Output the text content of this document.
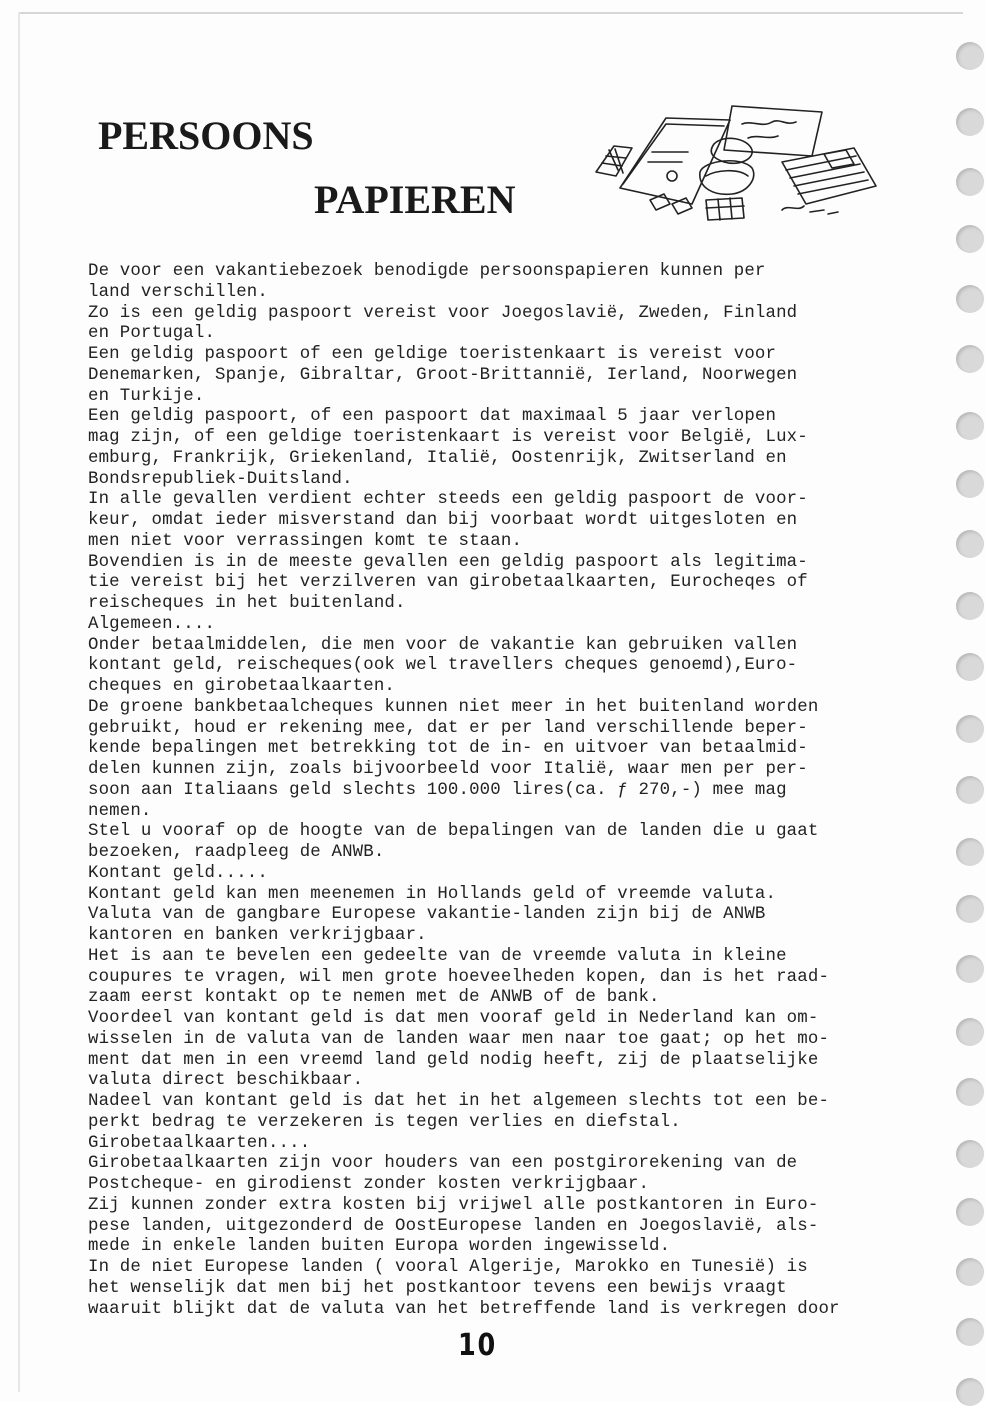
PERSOONS
PAPIEREN
De voor een vakantiebezoek benodigde persoonspapieren kunnen per
land verschillen.
Zo is een geldig paspoort vereist voor Joegoslavië, Zweden, Finland
en Portugal.
Een geldig paspoort of een geldige toeristenkaart is vereist voor
Denemarken, Spanje, Gibraltar, Groot-Brittannië, Ierland, Noorwegen
en Turkije.
Een geldig paspoort, of een paspoort dat maximaal 5 jaar verlopen
mag zijn, of een geldige toeristenkaart is vereist voor België, Lux-
emburg, Frankrijk, Griekenland, Italië, Oostenrijk, Zwitserland en
Bondsrepubliek-Duitsland.
In alle gevallen verdient echter steeds een geldig paspoort de voor-
keur, omdat ieder misverstand dan bij voorbaat wordt uitgesloten en
men niet voor verrassingen komt te staan.
Bovendien is in de meeste gevallen een geldig paspoort als legitima-
tie vereist bij het verzilveren van girobetaalkaarten, Eurocheqes of
reischeques in het buitenland.
Algemeen....
Onder betaalmiddelen, die men voor de vakantie kan gebruiken vallen
kontant geld, reischeques(ook wel travellers cheques genoemd),Euro-
cheques en girobetaalkaarten.
De groene bankbetaalcheques kunnen niet meer in het buitenland worden
gebruikt, houd er rekening mee, dat er per land verschillende beper-
kende bepalingen met betrekking tot de in- en uitvoer van betaalmid-
delen kunnen zijn, zoals bijvoorbeeld voor Italië, waar men per per-
soon aan Italiaans geld slechts 100.000 lires(ca. ƒ 270,-) mee mag
nemen.
Stel u vooraf op de hoogte van de bepalingen van de landen die u gaat
bezoeken, raadpleeg de ANWB.
Kontant geld.....
Kontant geld kan men meenemen in Hollands geld of vreemde valuta.
Valuta van de gangbare Europese vakantie-landen zijn bij de ANWB
kantoren en banken verkrijgbaar.
Het is aan te bevelen een gedeelte van de vreemde valuta in kleine
coupures te vragen, wil men grote hoeveelheden kopen, dan is het raad-
zaam eerst kontakt op te nemen met de ANWB of de bank.
Voordeel van kontant geld is dat men vooraf geld in Nederland kan om-
wisselen in de valuta van de landen waar men naar toe gaat; op het mo-
ment dat men in een vreemd land geld nodig heeft, zij de plaatselijke
valuta direct beschikbaar.
Nadeel van kontant geld is dat het in het algemeen slechts tot een be-
perkt bedrag te verzekeren is tegen verlies en diefstal.
Girobetaalkaarten....
Girobetaalkaarten zijn voor houders van een postgirorekening van de
Postcheque- en girodienst zonder kosten verkrijgbaar.
Zij kunnen zonder extra kosten bij vrijwel alle postkantoren in Euro-
pese landen, uitgezonderd de OostEuropese landen en Joegoslavië, als-
mede in enkele landen buiten Europa worden ingewisseld.
In de niet Europese landen ( vooral Algerije, Marokko en Tunesië) is
het wenselijk dat men bij het postkantoor tevens een bewijs vraagt
waaruit blijkt dat de valuta van het betreffende land is verkregen door
10
